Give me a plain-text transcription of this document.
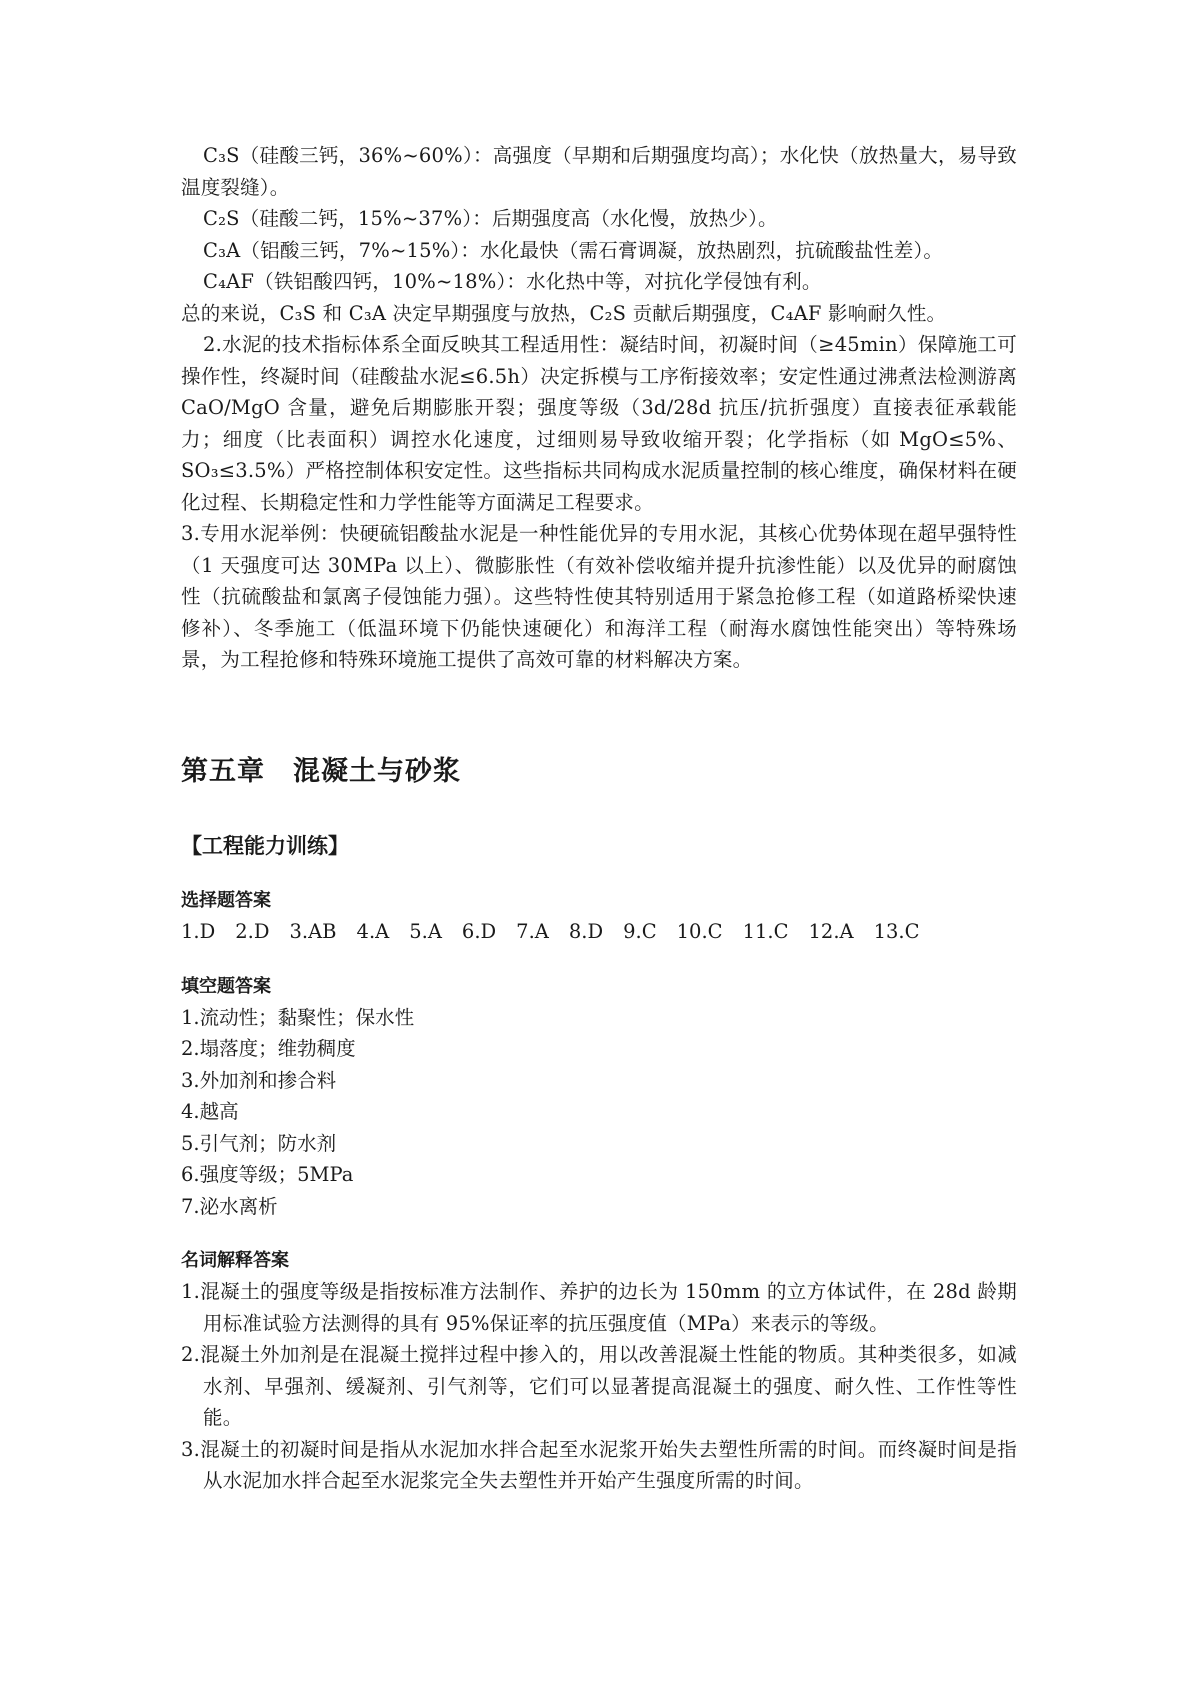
C₃S（硅酸三钙，36%~60%）：高强度（早期和后期强度均高）；水化快（放热量大，易导致温度裂缝）。

C₂S（硅酸二钙，15%~37%）：后期强度高（水化慢，放热少）。

C₃A（铝酸三钙，7%~15%）：水化最快（需石膏调凝，放热剧烈，抗硫酸盐性差）。

C₄AF（铁铝酸四钙，10%~18%）：水化热中等，对抗化学侵蚀有利。

总的来说，C₃S 和 C₃A 决定早期强度与放热，C₂S 贡献后期强度，C₄AF 影响耐久性。

2.水泥的技术指标体系全面反映其工程适用性：凝结时间，初凝时间（≥45min）保障施工可操作性，终凝时间（硅酸盐水泥≤6.5h）决定拆模与工序衔接效率；安定性通过沸煮法检测游离 CaO/MgO 含量，避免后期膨胀开裂；强度等级（3d/28d 抗压/抗折强度）直接表征承载能力；细度（比表面积）调控水化速度，过细则易导致收缩开裂；化学指标（如 MgO≤5%、SO₃≤3.5%）严格控制体积安定性。这些指标共同构成水泥质量控制的核心维度，确保材料在硬化过程、长期稳定性和力学性能等方面满足工程要求。

3.专用水泥举例：快硬硫铝酸盐水泥是一种性能优异的专用水泥，其核心优势体现在超早强特性（1 天强度可达 30MPa 以上）、微膨胀性（有效补偿收缩并提升抗渗性能）以及优异的耐腐蚀性（抗硫酸盐和氯离子侵蚀能力强）。这些特性使其特别适用于紧急抢修工程（如道路桥梁快速修补）、冬季施工（低温环境下仍能快速硬化）和海洋工程（耐海水腐蚀性能突出）等特殊场景，为工程抢修和特殊环境施工提供了高效可靠的材料解决方案。

第五章　混凝土与砂浆
【工程能力训练】
选择题答案
1.D 2.D 3.AB 4.A 5.A 6.D 7.A 8.D 9.C 10.C 11.C 12.A 13.C
填空题答案

1.流动性；黏聚性；保水性

2.塌落度；维勃稠度

3.外加剂和掺合料

4.越高

5.引气剂；防水剂

6.强度等级；5MPa

7.泌水离析

名词解释答案

1.混凝土的强度等级是指按标准方法制作、养护的边长为 150mm 的立方体试件，在 28d 龄期用标准试验方法测得的具有 95%保证率的抗压强度值（MPa）来表示的等级。

2.混凝土外加剂是在混凝土搅拌过程中掺入的，用以改善混凝土性能的物质。其种类很多，如减水剂、早强剂、缓凝剂、引气剂等，它们可以显著提高混凝土的强度、耐久性、工作性等性能。

3.混凝土的初凝时间是指从水泥加水拌合起至水泥浆开始失去塑性所需的时间。而终凝时间是指从水泥加水拌合起至水泥浆完全失去塑性并开始产生强度所需的时间。
